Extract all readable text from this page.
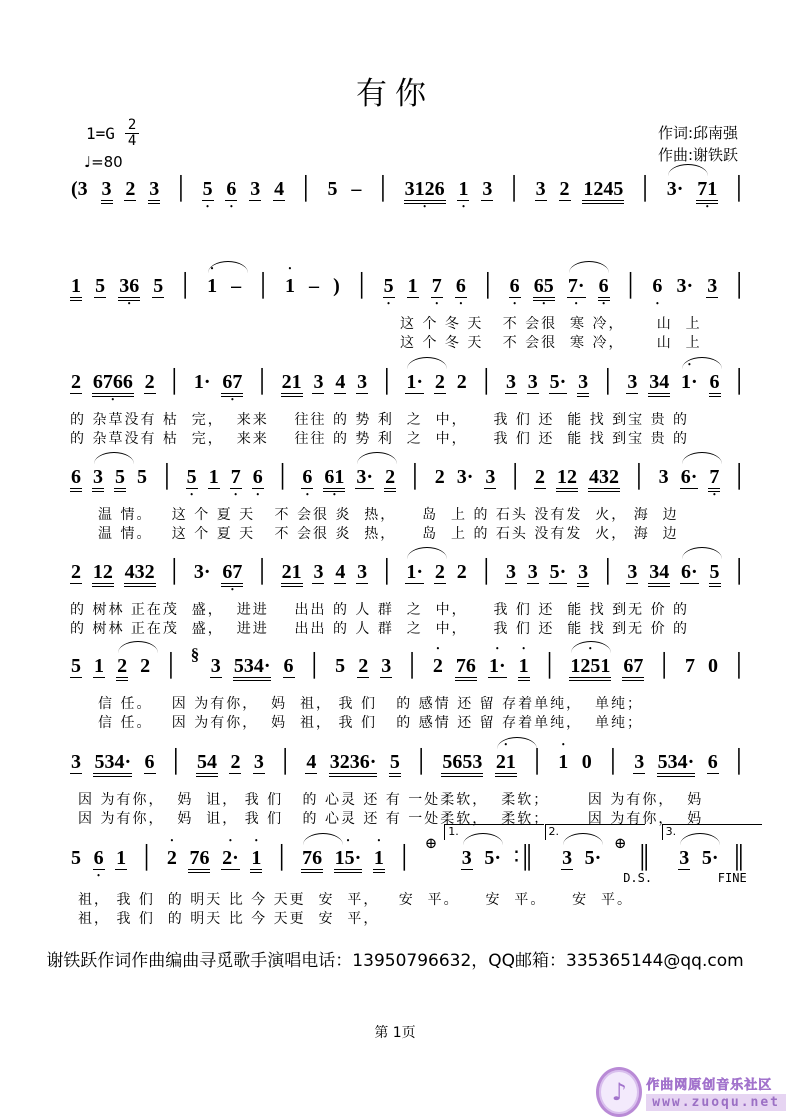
有你
$1=G \frac{2}{4}$
♩=80
作词:邱南强
作曲:谢铁跃
(3 3 2 3 │ 5 • 6 • 3 4 │ 5 – │ 3126 • 1 • 3 │ 3 2 1245 │ 3· 71 • │
1 5 36 • 5 │ • 1 – │ • 1 – ) │ 5 • 1 7 • 6 • │ 6 • 65 • 7·
• 6 • │ 6 • 3· 3 │
这 个 冬 天   不 会很  寒 冷，     山  上
这 个 冬 天   不 会很  寒 冷，     山  上
2 6766 • 2 │ 1· 67 • │ 21 3 4 3 │ 1· 2 2 │ 3 3 5· 3 │ 3 34 • 1· 6 │
的 杂草没有 枯  完，  来来    往往 的 势 利  之  中，    我 们 还  能 找 到宝 贵 的
的 杂草没有 枯  完，  来来    往往 的 势 利  之  中，    我 们 还  能 找 到宝 贵 的
6 3 5 5 │ 5 • 1 7 • 6 • │ 6 • 61 • 3· 2 │ 2 3· 3 │ 2 12 432 │ 3 6· 7 • │
温 情。   这 个 夏 天   不 会很 炎  热，    岛  上 的 石头 没有发  火， 海  边
温 情。   这 个 夏 天   不 会很 炎  热，    岛  上 的 石头 没有发  火， 海  边
2 12 432 │ 3· 67 • │ 21 3 4 3 │ 1· 2 2 │ 3 3 5· 3 │ 3 34 6· 5 │
的 树林 正在茂  盛，  进进    出出 的 人 群  之  中，    我 们 还  能 找 到无 价 的
的 树林 正在茂  盛，  进进    出出 的 人 群  之  中，    我 们 还  能 找 到无 价 的
5 1 2 2 │ §
3 534· 6 │ 5 2 3 │ • 2 76 • 1· • 1 │ • 1251 67 │ 7 0 │
信 任。   因 为有你，  妈  祖， 我 们   的 感情 还 留 存着单纯，  单纯；
信 任。   因 为有你，  妈  祖， 我 们   的 感情 还 留 存着单纯，  单纯；
3 534· 6 │ 54 2 3 │ 4 3236· 5 │ 5653 • 21 │ • 1 0 │ 3 534· 6 │
因 为有你，  妈  诅， 我 们   的 心灵 还 有 一处柔软，  柔软；      因 为有你，  妈
因 为有你，  妈  诅， 我 们   的 心灵 还 有 一处柔软，  柔软；      因 为有你，  妈
5 6 • 1 │ • 2 76 • 2· • 1 │ 76 • 15· • 1 │ ⊕
1.
3 5· ∶║
2.
3 5·
⊕ ║
D.S.
3.
3 5· ║
FINE
祖， 我 们  的 明天 比 今 天更  安  平，   安  平。    安  平。    安  平。
祖， 我 们  的 明天 比 今 天更  安  平，
谢铁跃作词作曲编曲寻觅歌手演唱电话：13950796632，QQ邮箱：335365144@qq.com
第 1页
♪ 作曲网原创音乐社区
www.zuoqu.net
